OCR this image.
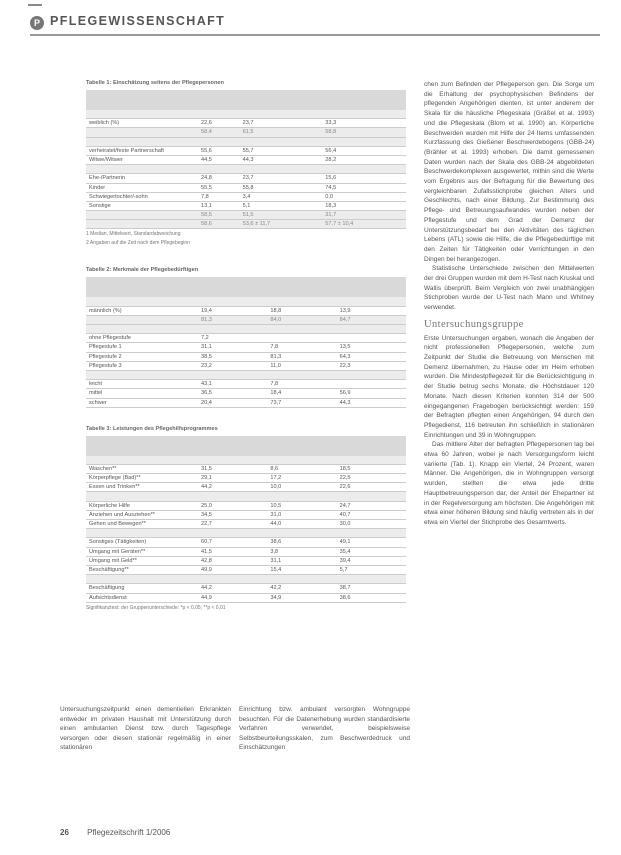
P PFLEGEWISSENSCHAFT
Tabelle 1: Einschätzung seitens der Pflegepersonen

weiblich (%)	22,6	23,7	33,3
	58,4	61,5	58,8

verheiratet/feste Partnerschaft	55,6	55,7	56,4
Witwe/Witwer	44,5	44,3	28,2

Ehe-/Partnerin	24,8	23,7	15,6
Kinder	55,5	55,8	74,5
Schwiegertochter/-sohn	7,8	3,4	0,0
Sonstige	13,1	5,1	18,3
	58,5	51,5	31,7
	58,6	53,6 ± 11,7	57,7 ± 10,4
1 Median, Mittelwert, Standardabweichung
2 Angaben auf die Zeit nach dem Pflegebeginn
Tabelle 2: Merkmale der Pflegebedürftigen

männlich (%)	19,4	18,8	13,9
	81,3	84,0	84,7

ohne Pflegestufe	7,2		
Pflegestufe 1	31,1	7,8	13,5
Pflegestufe 2	38,5	81,3	64,3
Pflegestufe 3	23,2	11,0	22,3

leicht	43,1	7,8	
mittel	36,5	18,4	56,9
schwer	20,4	73,7	44,3
Tabelle 3: Leistungen des Pflegehilfsprogrammes

Waschen**	31,5	8,6	18,5
Körperpflege (Bad)**	29,1	17,2	22,5
Essen und Trinken**	44,2	10,0	22,6

Körperliche Hilfe	25,0	10,5	24,7
Anziehen und Ausziehen**	34,5	31,0	40,7
Gehen und Bewegen**	22,7	44,0	30,0

Sonstiges (Tätigkeiten)	60,7	38,6	49,1
Umgang mit Geräten**	41,5	3,8	35,4
Umgang mit Geld**	42,8	31,1	39,4
Beschäftigung**	49,9	15,4	5,7

Beschäftigung	44,2	42,2	38,7
Aufsichtsdienst	44,9	34,9	38,6
Signifikanztest: der Gruppenunterschiede: *p < 0,05; **p < 0,01

chen zum Befinden der Pflegeperson gen. Die Sorge um die Erhaltung der psychophysischen Befindens der pflegenden Angehörigen dienten, ist unter anderem der Skala für die häusliche Pflegeskala (Gräßel et al. 1993) und die Pflegeskala (Blom et al. 1990) an. Körperliche Beschwerden wurden mit Hilfe der 24 Items umfassenden Kurzfassung des Gießener Beschwerdebogens (GBB-24) (Brähler et al. 1993) erhoben. Die damit gemessenen Daten wurden nach der Skala des GBB-24 abgebildeten Beschwerdekomplexen ausgewertet, mithin sind die Werte vom Ergebnis aus der Befragung für die Bewertung des vergleichbaren Zufallsstichprobe gleichen Alters und Geschlechts, nach einer Bildung. Zur Bestimmung des Pflege- und Betreuungsaufwandes wurden neben der Pflegestufe und dem Grad der Demenz der Unterstützungsbedarf bei den Aktivitäten des täglichen Lebens (ATL) sowie die Hilfe, die die Pflegebedürftige mit den Zeiten für Tätigkeiten oder Verrichtungen in den Dingen bei herangezogen.

Statistische Unterschiede zwischen den Mittelwerten der drei Gruppen wurden mit dem H-Test nach Kruskal und Wallis überprüft. Beim Vergleich von zwei unabhängigen Stichproben wurde der U-Test nach Mann und Whitney verwendet.

Untersuchungsgruppe

Erste Untersuchungen ergaben, wonach die Angaben der nicht professionellen Pflegepersonen, welche zum Zeitpunkt der Studie die Betreuung von Menschen mit Demenz übernahmen, zu Hause oder im Heim erhoben wurden. Die Mindestpflegezeit für die Berücksichtigung in der Studie betrug sechs Monate, die Höchstdauer 120 Monate. Nach diesen Kriterien konnten 314 der 500 eingegangenen Fragebogen berücksichtigt werden: 159 der Befragten pflegten einen Angehörigen, 94 durch den Pflegedienst, 116 betreuten ihn schließlich in stationären Einrichtungen und 39 in Wohngruppen.

Das mittlere Alter der befragten Pflegepersonen lag bei etwa 60 Jahren, wobei je nach Versorgungsform leicht variierte (Tab. 1). Knapp ein Viertel, 24 Prozent, waren Männer. Die Angehörigen, die in Wohngruppen versorgt wurden, stellten die etwa jede dritte Hauptbetreuungsperson dar, der Anteil der Ehepartner ist in der Regelversorgung am höchsten. Die Angehörigen mit etwa einer höheren Bildung sind häufig vertreten als in der etwa ein Viertel der Stichprobe des Gesamtwerts.

Untersuchungszeitpunkt einen dementiellen Erkrankten entweder im privaten Haushalt mit Unterstützung durch einen ambulanten Dienst bzw. durch Tagespflege versorgen oder diesen stationär regelmäßig in einer stationären
Einrichtung bzw. ambulant versorgten Wohngruppe besuchten. Für die Datenerhebung wurden standardisierte Verfahren verwendet, beispielsweise Selbstbeurteilungsskalen, zum Beschwerdedruck und Einschätzungen
26 Pflegezeitschrift 1/2006
